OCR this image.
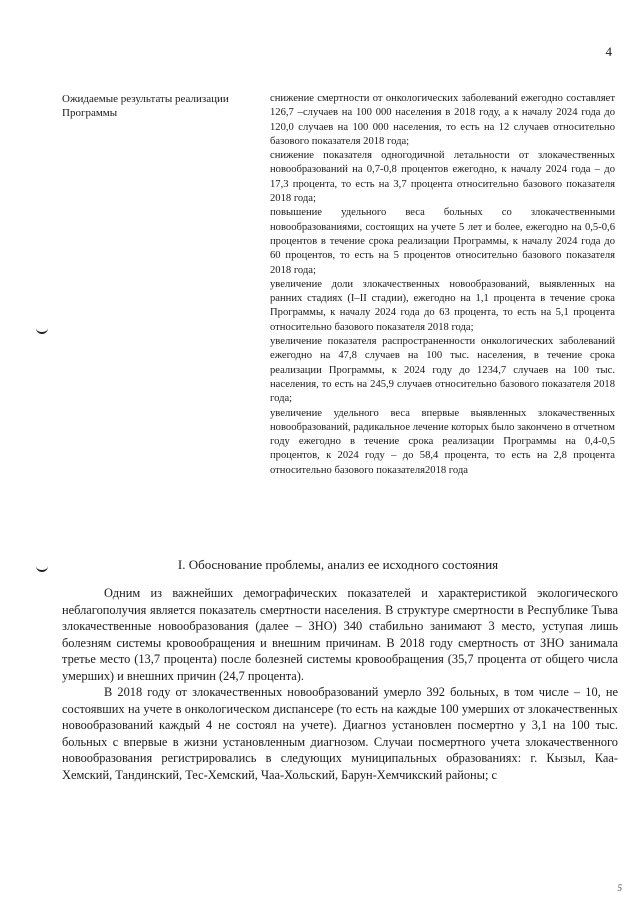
4
Ожидаемые результаты реализации Программы

снижение смертности от онкологических заболеваний ежегодно составляет 126,7 –случаев на 100 000 населения в 2018 году, а к началу 2024 года до 120,0 случаев на 100 000 населения, то есть на 12 случаев относительно базового показателя 2018 года;

снижение показателя одногодичной летальности от злокачественных новообразований на 0,7-0,8 процентов ежегодно, к началу 2024 года – до 17,3 процента, то есть на 3,7 процента относительно базового показателя 2018 года;

повышение удельного веса больных со злокачественными новообразованиями, состоящих на учете 5 лет и более, ежегодно на 0,5-0,6 процентов в течение срока реализации Программы, к началу 2024 года до 60 процентов, то есть на 5 процентов относительно базового показателя 2018 года;

увеличение доли злокачественных новообразований, выявленных на ранних стадиях (I–II стадии), ежегодно на 1,1 процента в течение срока Программы, к началу 2024 года до 63 процента, то есть на 5,1 процента относительно базового показателя 2018 года;

увеличение показателя распространенности онкологических заболеваний ежегодно на 47,8 случаев на 100 тыс. населения, в течение срока реализации Программы, к 2024 году до 1234,7 случаев на 100 тыс. населения, то есть на 245,9 случаев относительно базового показателя 2018 года;

увеличение удельного веса впервые выявленных злокачественных новообразований, радикальное лечение которых было закончено в отчетном году ежегодно в течение срока реализации Программы на 0,4-0,5 процентов, к 2024 году – до 58,4 процента, то есть на 2,8 процента относительно базового показателя2018 года

I. Обоснование проблемы, анализ ее исходного состояния

Одним из важнейших демографических показателей и характеристикой экологического неблагополучия является показатель смертности населения. В структуре смертности в Республике Тыва злокачественные новообразования (далее – ЗНО) 340 стабильно занимают 3 место, уступая лишь болезням системы кровообращения и внешним причинам. В 2018 году смертность от ЗНО занимала третье место (13,7 процента) после болезней системы кровообращения (35,7 процента от общего числа умерших) и внешних причин (24,7 процента).

В 2018 году от злокачественных новообразований умерло 392 больных, в том числе – 10, не состоявших на учете в онкологическом диспансере (то есть на каждые 100 умерших от злокачественных новообразований каждый 4 не состоял на учете). Диагноз установлен посмертно у 3,1 на 100 тыс. больных с впервые в жизни установленным диагнозом. Случаи посмертного учета злокачественного новообразования регистрировались в следующих муниципальных образованиях: г. Кызыл, Каа-Хемский, Тандинский, Тес-Хемский, Чаа-Хольский, Барун-Хемчикский районы; с

5
